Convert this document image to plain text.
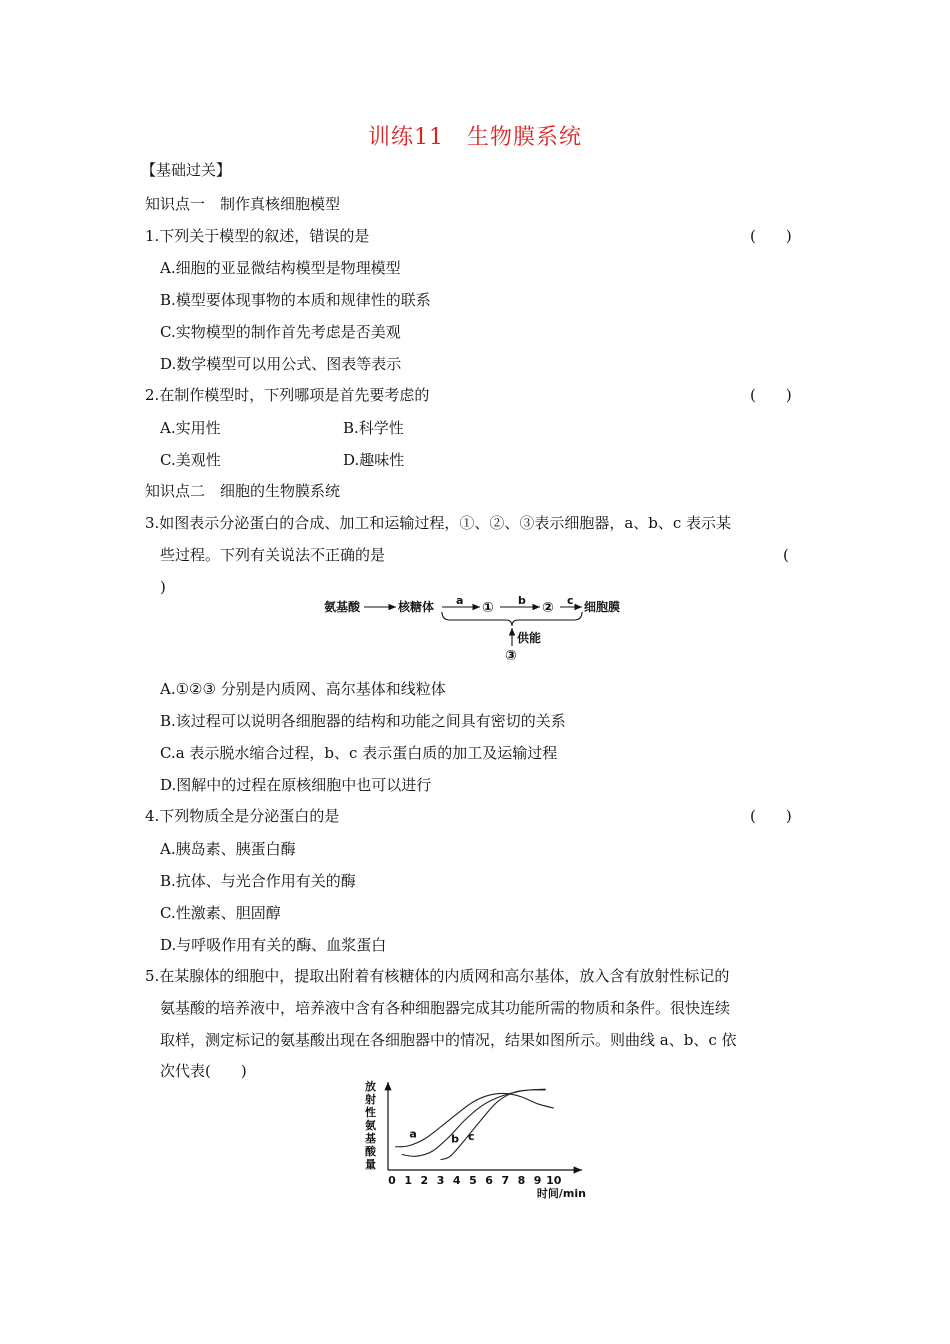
训练11　生物膜系统
【基础过关】
知识点一　制作真核细胞模型
1.下列关于模型的叙述，错误的是	(　　)
A.细胞的亚显微结构模型是物理模型
B.模型要体现事物的本质和规律性的联系
C.实物模型的制作首先考虑是否美观
D.数学模型可以用公式、图表等表示
2.在制作模型时，下列哪项是首先要考虑的	(　　)
A.实用性	B.科学性
C.美观性	D.趣味性
知识点二　细胞的生物膜系统
3.如图表示分泌蛋白的合成、加工和运输过程，①、②、③表示细胞器，a、b、c 表示某
些过程。下列有关说法不正确的是	(
)
氨基酸	核糖体 a ① b ② c 细胞膜
供能
③
A.①②③ 分别是内质网、高尔基体和线粒体
B.该过程可以说明各细胞器的结构和功能之间具有密切的关系
C.a 表示脱水缩合过程，b、c 表示蛋白质的加工及运输过程
D.图解中的过程在原核细胞中也可以进行
4.下列物质全是分泌蛋白的是	(　　)
A.胰岛素、胰蛋白酶
B.抗体、与光合作用有关的酶
C.性激素、胆固醇
D.与呼吸作用有关的酶、血浆蛋白
5.在某腺体的细胞中，提取出附着有核糖体的内质网和高尔基体，放入含有放射性标记的
氨基酸的培养液中，培养液中含有各种细胞器完成其功能所需的物质和条件。很快连续
取样，测定标记的氨基酸出现在各细胞器中的情况，结果如图所示。则曲线 a、b、c 依
次代表(　　)
放
射
性
氨
基
酸
量
0 1 2 3 4 5 6 7 8 9 10
a	b c
时间/min
